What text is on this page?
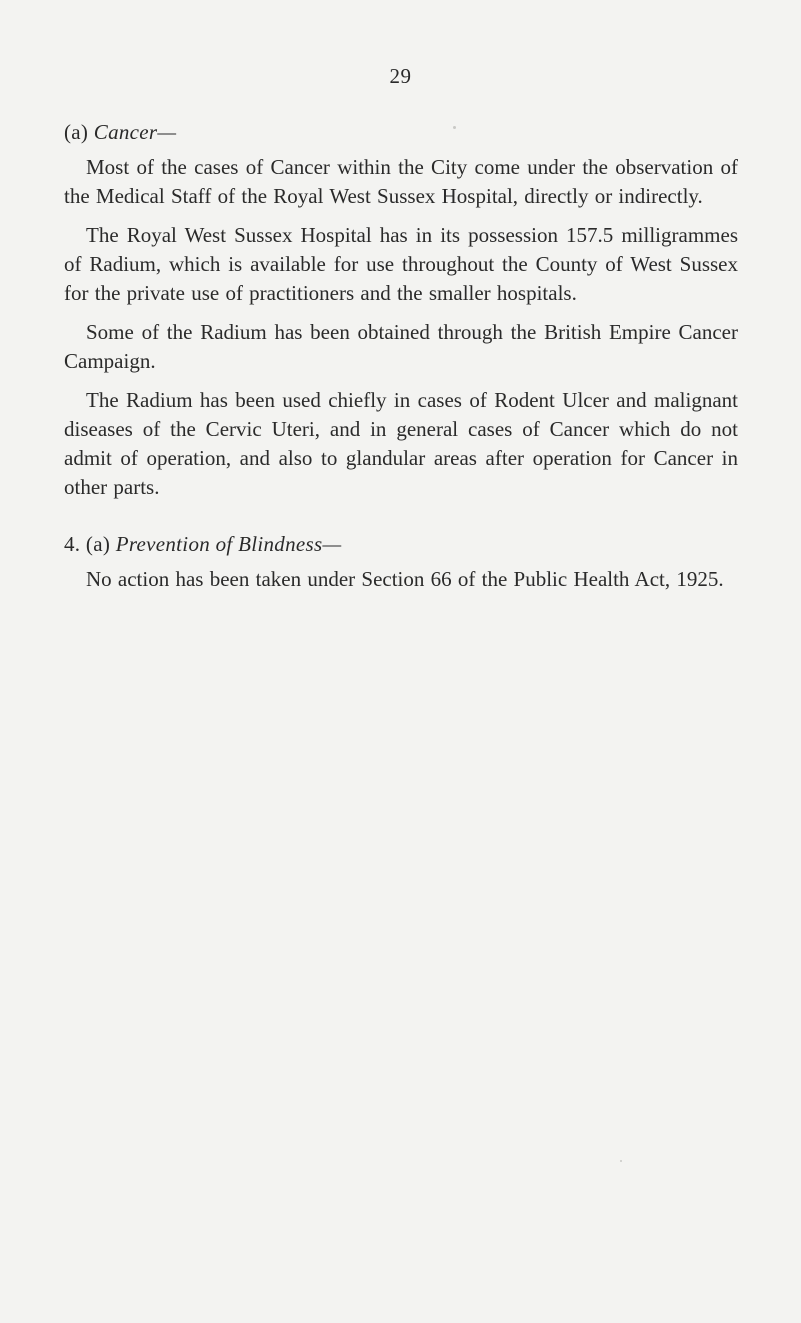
29

(a) Cancer—

Most of the cases of Cancer within the City come under the observation of the Medical Staff of the Royal West Sussex Hospital, directly or indirectly.

The Royal West Sussex Hospital has in its possession 157.5 milligrammes of Radium, which is available for use throughout the County of West Sussex for the private use of practitioners and the smaller hospitals.

Some of the Radium has been obtained through the British Empire Cancer Campaign.

The Radium has been used chiefly in cases of Rodent Ulcer and malignant diseases of the Cervic Uteri, and in general cases of Cancer which do not admit of operation, and also to glandular areas after operation for Cancer in other parts.

4. (a) Prevention of Blindness—

No action has been taken under Section 66 of the Public Health Act, 1925.
